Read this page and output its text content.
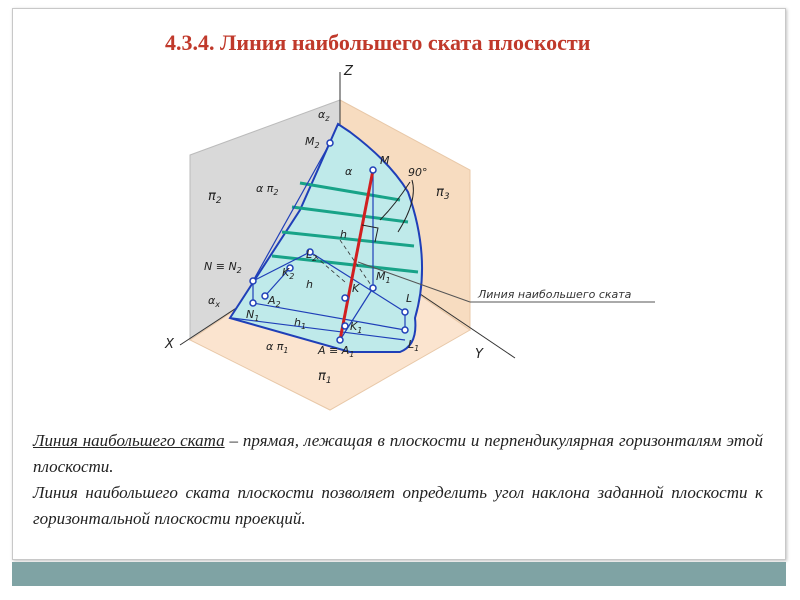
4.3.4. Линия наибольшего ската плоскости
Z
X
Y
$\alpha_z$
$M_2$
M
α	90°
$\pi_3$
$\pi_2$
α $\pi_2$
h
$N \equiv N_2$	$K_2$
$L_2$
$M_1$
h	K
L
$\alpha_x$	$A_2$
$N_1$	$h_1$	$K_1$
$L_1$
α $\pi_1$	$A \equiv A_1$
$\pi_1$
Линия наибольшего ската

Линия наибольшего ската – прямая, лежащая в плоскости и перпендикулярная горизонталям этой плоскости.

Линия наибольшего ската плоскости позволяет определить угол наклона заданной плоскости к горизонтальной плоскости проекций.
